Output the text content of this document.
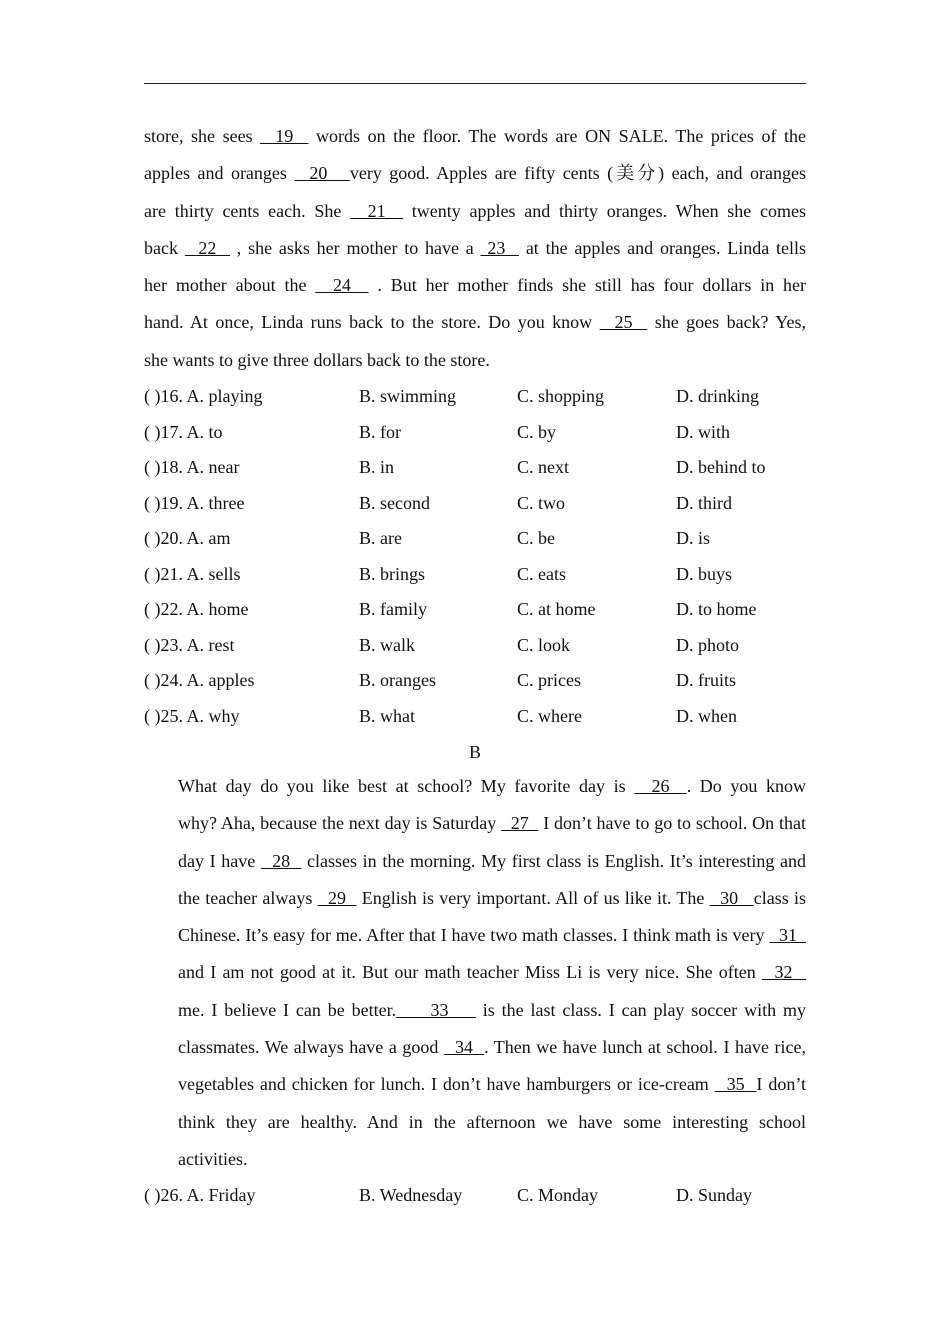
store, she sees   19   words on the floor. The words are ON SALE. The prices of the
apples and oranges   20   very good. Apples are fifty cents (美分) each, and oranges
are thirty cents each. She   21   twenty apples and thirty oranges. When she comes
back   22   , she asks her mother to have a  23   at the apples and oranges. Linda tells
her mother about the   24   . But her mother finds she still has four dollars in her
hand. At once, Linda runs back to the store. Do you know   25   she goes back? Yes,
she wants to give three dollars back to the store.
( )16. A. playing	B. swimming	C. shopping	D. drinking
( )17. A. to	B. for	C. by	D. with
( )18. A. near	B. in	C. next	D. behind to
( )19. A. three	B. second	C. two	D. third
( )20. A. am	B. are	C. be	D. is
( )21. A. sells	B. brings	C. eats	D. buys
( )22. A. home	B. family	C. at home	D. to home
( )23. A. rest	B. walk	C. look	D. photo
( )24. A. apples	B. oranges	C. prices	D. fruits
( )25. A. why	B. what	C. where	D. when
B
What day do you like best at school? My favorite day is   26  . Do you know
why? Aha, because the next day is Saturday   27   I don’t have to go to school. On that
day I have   28   classes in the morning. My first class is English. It’s interesting and
the teacher always   29   English is very important. All of us like it. The   30   class is
Chinese. It’s easy for me. After that I have two math classes. I think math is very   31
and I am not good at it. But our math teacher Miss Li is very nice. She often   32
me. I believe I can be better.     33     is the last class. I can play soccer with my
classmates. We always have a good   34  . Then we have lunch at school. I have rice,
vegetables and chicken for lunch. I don’t have hamburgers or ice-cream   35  I don’t
think they are healthy. And in the afternoon we have some interesting school
activities.
( )26. A. Friday	B. Wednesday	C. Monday	D. Sunday
